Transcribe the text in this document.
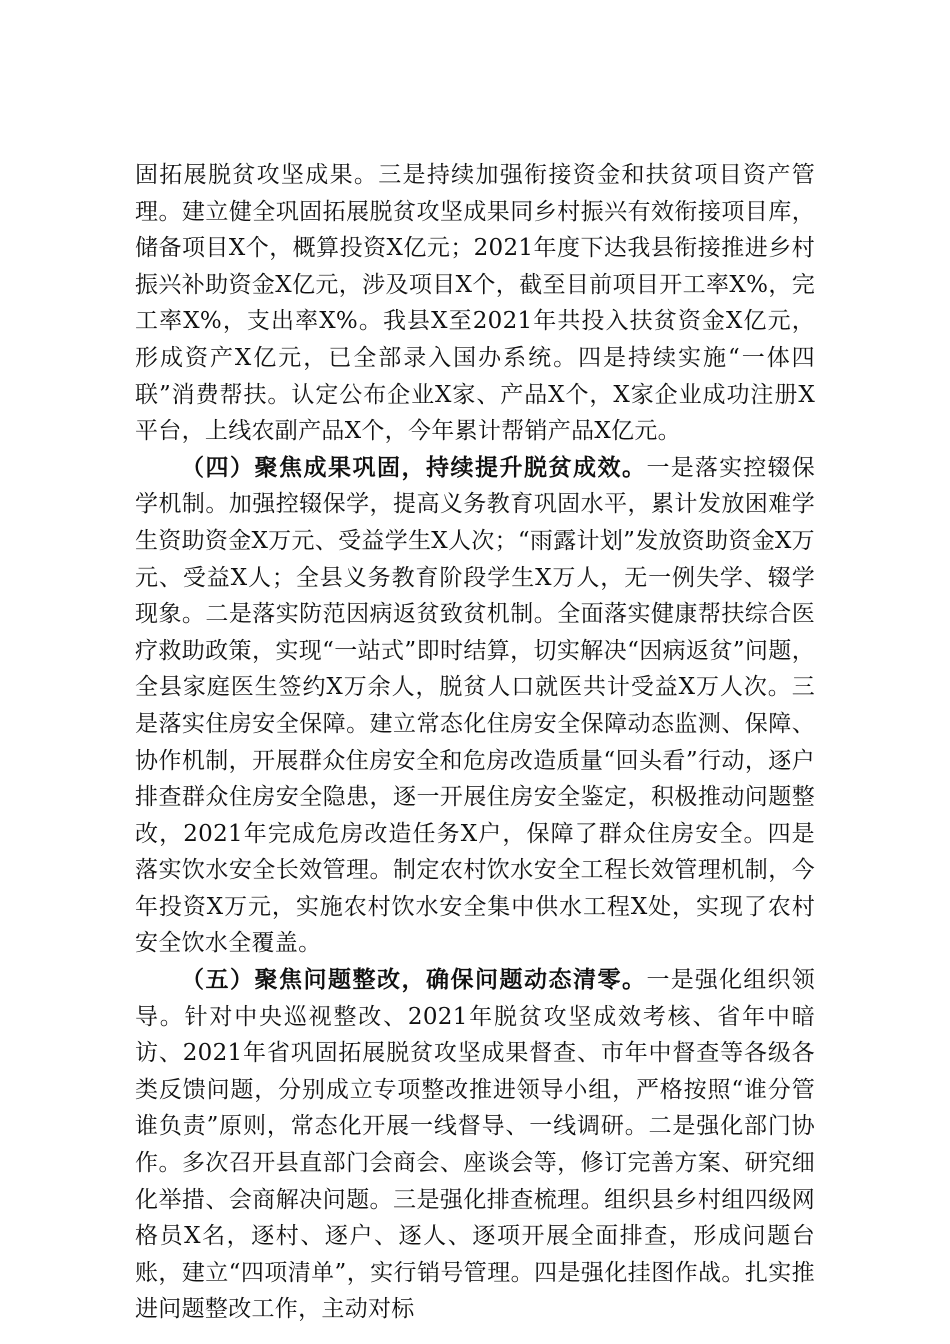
固拓展脱贫攻坚成果。三是持续加强衔接资金和扶贫项目资产管理。建立健全巩固拓展脱贫攻坚成果同乡村振兴有效衔接项目库，储备项目X个，概算投资X亿元；2021年度下达我县衔接推进乡村振兴补助资金X亿元，涉及项目X个，截至目前项目开工率X%，完工率X%，支出率X%。我县X至2021年共投入扶贫资金X亿元，形成资产X亿元，已全部录入国办系统。四是持续实施“一体四联”消费帮扶。认定公布企业X家、产品X个，X家企业成功注册X平台，上线农副产品X个，今年累计帮销产品X亿元。

（四）聚焦成果巩固，持续提升脱贫成效。一是落实控辍保学机制。加强控辍保学，提高义务教育巩固水平，累计发放困难学生资助资金X万元、受益学生X人次；“雨露计划”发放资助资金X万元、受益X人；全县义务教育阶段学生X万人，无一例失学、辍学现象。二是落实防范因病返贫致贫机制。全面落实健康帮扶综合医疗救助政策，实现“一站式”即时结算，切实解决“因病返贫”问题，全县家庭医生签约X万余人，脱贫人口就医共计受益X万人次。三是落实住房安全保障。建立常态化住房安全保障动态监测、保障、协作机制，开展群众住房安全和危房改造质量“回头看”行动，逐户排查群众住房安全隐患，逐一开展住房安全鉴定，积极推动问题整改，2021年完成危房改造任务X户，保障了群众住房安全。四是落实饮水安全长效管理。制定农村饮水安全工程长效管理机制，今年投资X万元，实施农村饮水安全集中供水工程X处，实现了农村安全饮水全覆盖。

（五）聚焦问题整改，确保问题动态清零。一是强化组织领导。针对中央巡视整改、2021年脱贫攻坚成效考核、省年中暗访、2021年省巩固拓展脱贫攻坚成果督查、市年中督查等各级各类反馈问题，分别成立专项整改推进领导小组，严格按照“谁分管谁负责”原则，常态化开展一线督导、一线调研。二是强化部门协作。多次召开县直部门会商会、座谈会等，修订完善方案、研究细化举措、会商解决问题。三是强化排查梳理。组织县乡村组四级网格员X名，逐村、逐户、逐人、逐项开展全面排查，形成问题台账，建立“四项清单”，实行销号管理。四是强化挂图作战。扎实推进问题整改工作，主动对标
